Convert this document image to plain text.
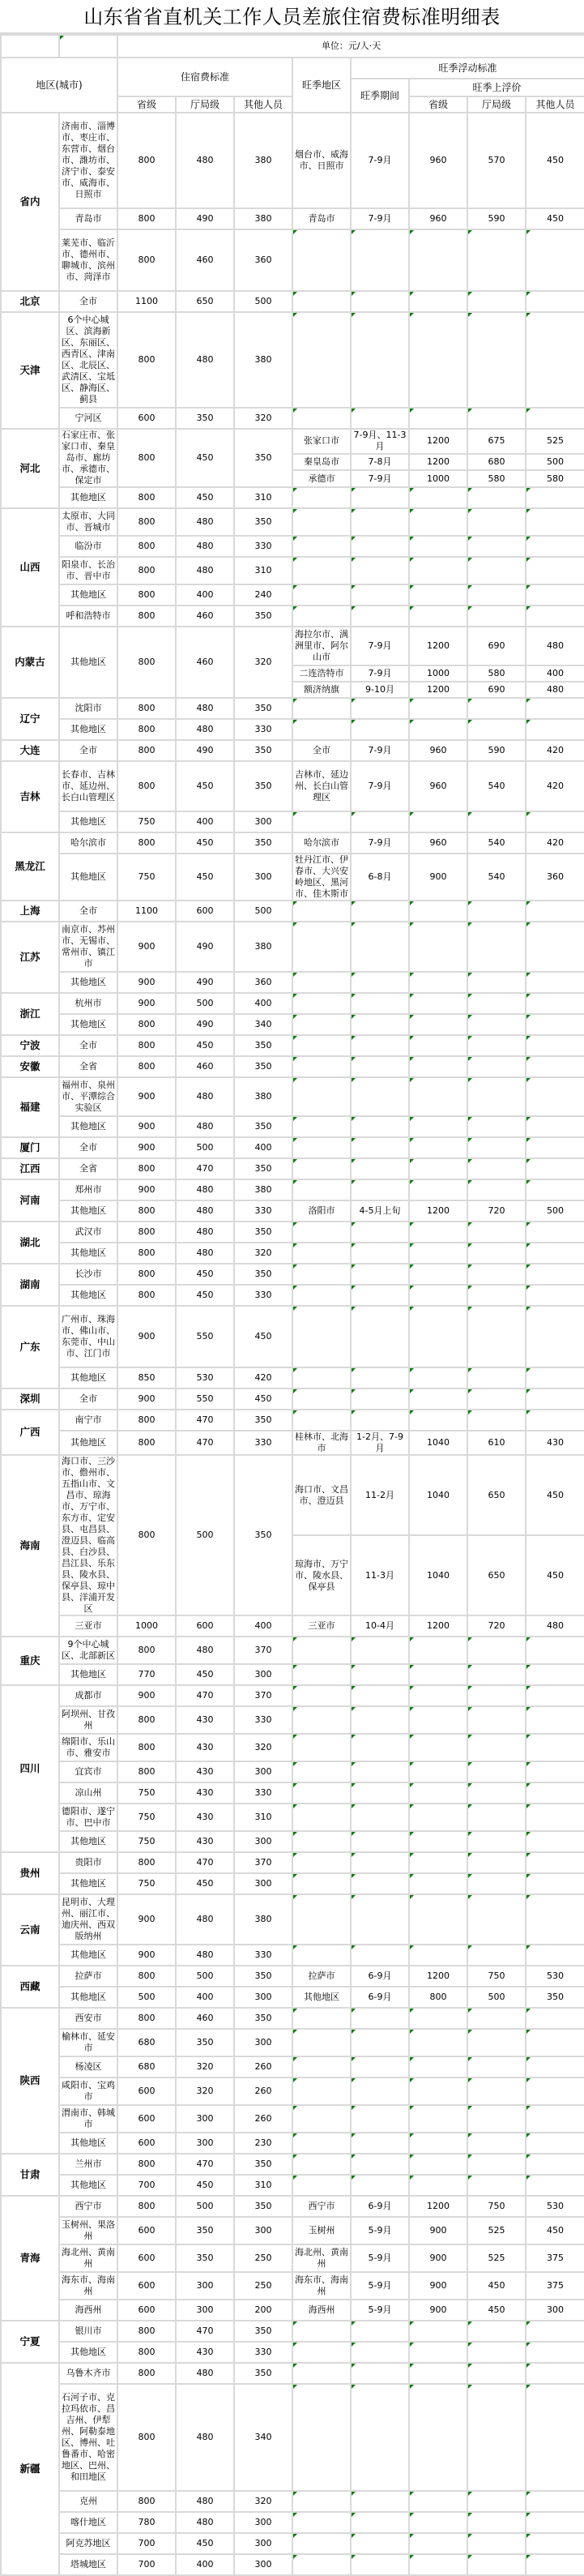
山东省省直机关工作人员差旅住宿费标准明细表
		单位：元/人·天							
地区(城市)		住宿费标准			旺季地区	旺季浮动标准			
						旺季期间	旺季上浮价		
		省级	厅局级	其他人员			省级	厅局级	其他人员
省内	济南市、淄博市、枣庄市、东营市、烟台市、潍坊市、济宁市、泰安市、威海市、日照市	800	480	380	烟台市、威海市、日照市	7-9月	960	570	450
	青岛市	800	490	380	青岛市	7-9月	960	590	450
	莱芜市、临沂市、德州市、聊城市、滨州市、菏泽市	800	460	360					
北京	全市	1100	650	500					
天津	6个中心城区、滨海新区、东丽区、西青区、津南区、北辰区、武清区、宝坻区、静海区、蓟县	800	480	380					
	宁河区	600	350	320					
河北	石家庄市、张家口市、秦皇岛市、廊坊市、承德市、保定市	800	450	350	张家口市	7-9月、11-3月	1200	675	525
					秦皇岛市	7-8月	1200	680	500
					承德市	7-9月	1000	580	580
	其他地区	800	450	310					
山西	太原市、大同市、晋城市	800	480	350					
	临汾市	800	480	330					
	阳泉市、长治市、晋中市	800	480	310					
	其他地区	800	400	240					
	呼和浩特市	800	460	350					
内蒙古	其他地区	800	460	320	海拉尔市、满洲里市、阿尔山市	7-9月	1200	690	480
					二连浩特市	7-9月	1000	580	400
					额济纳旗	9-10月	1200	690	480
辽宁	沈阳市	800	480	350					
	其他地区	800	480	330					
大连	全市	800	490	350	全市	7-9月	960	590	420
吉林	长春市、吉林市、延边州、长白山管理区	800	450	350	吉林市、延边州、长白山管理区	7-9月	960	540	420
	其他地区	750	400	300					
黑龙江	哈尔滨市	800	450	350	哈尔滨市	7-9月	960	540	420
	其他地区	750	450	300	牡丹江市、伊春市、大兴安岭地区、黑河市、佳木斯市	6-8月	900	540	360
上海	全市	1100	600	500					
江苏	南京市、苏州市、无锡市、常州市、镇江市	900	490	380					
	其他地区	900	490	360					
浙江	杭州市	900	500	400					
	其他地区	800	490	340					
宁波	全市	800	450	350					
安徽	全省	800	460	350					
福建	福州市、泉州市、平潭综合实验区	900	480	380					
	其他地区	900	480	350					
厦门	全市	900	500	400					
江西	全省	800	470	350					
河南	郑州市	900	480	380					
	其他地区	800	480	330	洛阳市	4-5月上旬	1200	720	500
湖北	武汉市	800	480	350					
	其他地区	800	480	320					
湖南	长沙市	800	450	350					
	其他地区	800	450	330					
广东	广州市、珠海市、佛山市、东莞市、中山市、江门市	900	550	450					
	其他地区	850	530	420					
深圳	全市	900	550	450					
广西	南宁市	800	470	350					
	其他地区	800	470	330	桂林市、北海市	1-2月、7-9月	1040	610	430
海南	海口市、三沙市、儋州市、五指山市、文昌市、琼海市、万宁市、东方市、定安县、屯昌县、澄迈县、临高县、白沙县、昌江县、乐东县、陵水县、保亭县、琼中县、洋浦开发区	800	500	350	海口市、文昌市、澄迈县	11-2月	1040	650	450
					琼海市、万宁市、陵水县、保亭县	11-3月	1040	650	450
	三亚市	1000	600	400	三亚市	10-4月	1200	720	480
重庆	9个中心城区、北部新区	800	480	370					
	其他地区	770	450	300					
四川	成都市	900	470	370					
	阿坝州、甘孜州	800	430	330					
	绵阳市、乐山市、雅安市	800	430	320					
	宜宾市	800	430	300					
	凉山州	750	430	330					
	德阳市、遂宁市、巴中市	750	430	310					
	其他地区	750	430	300					
贵州	贵阳市	800	470	370					
	其他地区	750	450	300					
云南	昆明市、大理州、丽江市、迪庆州、西双版纳州	900	480	380					
	其他地区	900	480	330					
西藏	拉萨市	800	500	350	拉萨市	6-9月	1200	750	530
	其他地区	500	400	300	其他地区	6-9月	800	500	350
陕西	西安市	800	460	350					
	榆林市、延安市	680	350	300					
	杨凌区	680	320	260					
	咸阳市、宝鸡市	600	320	260					
	渭南市、韩城市	600	300	260					
	其他地区	600	300	230					
甘肃	兰州市	800	470	350					
	其他地区	700	450	310					
青海	西宁市	800	500	350	西宁市	6-9月	1200	750	530
	玉树州、果洛州	600	350	300	玉树州	5-9月	900	525	450
	海北州、黄南州	600	350	250	海北州、黄南州	5-9月	900	525	375
	海东市、海南州	600	300	250	海东市、海南州	5-9月	900	450	375
	海西州	600	300	200	海西州	5-9月	900	450	300
宁夏	银川市	800	470	350					
	其他地区	800	430	330					
新疆	乌鲁木齐市	800	480	350					
	石河子市、克拉玛依市、昌吉州、伊犁州、阿勒泰地区、博州、吐鲁番市、哈密地区、巴州、和田地区	800	480	340					
	克州	800	480	320					
	喀什地区	780	480	300					
	阿克苏地区	700	450	300					
	塔城地区	700	400	300					
